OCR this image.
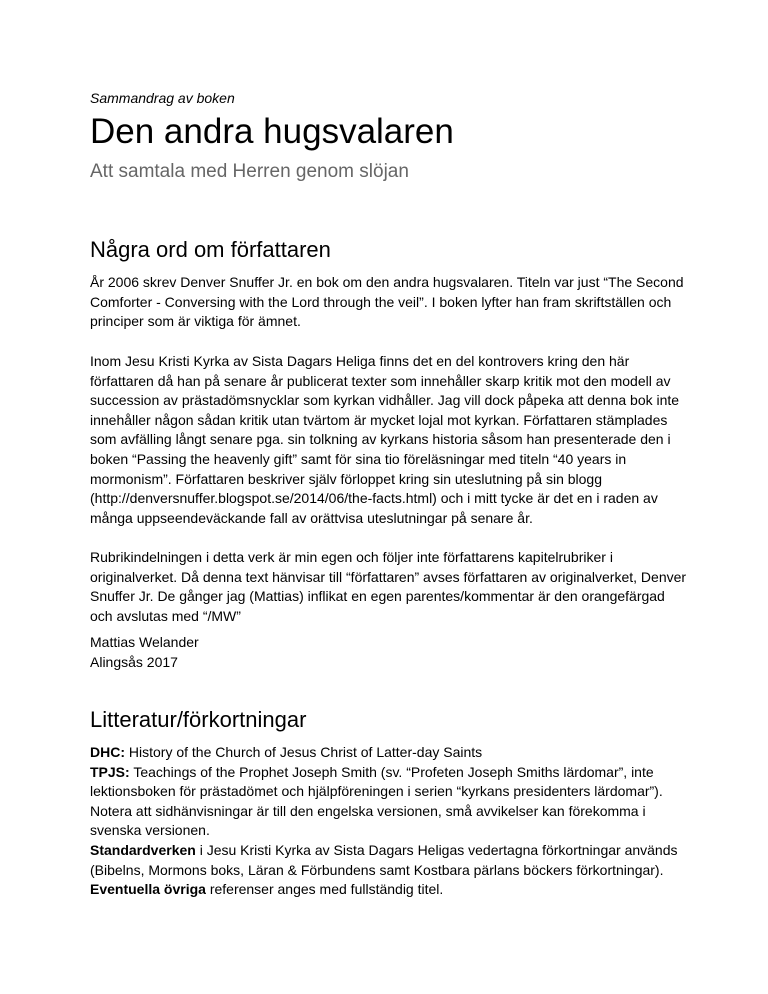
Sammandrag av boken
Den andra hugsvalaren
Att samtala med Herren genom slöjan
Några ord om författaren
År 2006 skrev Denver Snuffer Jr. en bok om den andra hugsvalaren. Titeln var just “The Second
Comforter - Conversing with the Lord through the veil”. I boken lyfter han fram skriftställen och
principer som är viktiga för ämnet.
Inom Jesu Kristi Kyrka av Sista Dagars Heliga finns det en del kontrovers kring den här
författaren då han på senare år publicerat texter som innehåller skarp kritik mot den modell av
succession av prästadömsnycklar som kyrkan vidhåller. Jag vill dock påpeka att denna bok inte
innehåller någon sådan kritik utan tvärtom är mycket lojal mot kyrkan. Författaren stämplades
som avfälling långt senare pga. sin tolkning av kyrkans historia såsom han presenterade den i
boken “Passing the heavenly gift” samt för sina tio föreläsningar med titeln “40 years in
mormonism”. Författaren beskriver själv förloppet kring sin uteslutning på sin blogg
(http://denversnuffer.blogspot.se/2014/06/the-facts.html) och i mitt tycke är det en i raden av
många uppseendeväckande fall av orättvisa uteslutningar på senare år.
Rubrikindelningen i detta verk är min egen och följer inte författarens kapitelrubriker i
originalverket. Då denna text hänvisar till “författaren” avses författaren av originalverket, Denver
Snuffer Jr. De gånger jag (Mattias) inflikat en egen parentes/kommentar är den orangefärgad
och avslutas med “/MW”
Mattias Welander
Alingsås 2017
Litteratur/förkortningar
DHC: History of the Church of Jesus Christ of Latter-day Saints
TPJS: Teachings of the Prophet Joseph Smith (sv. “Profeten Joseph Smiths lärdomar”, inte
lektionsboken för prästadömet och hjälpföreningen i serien “kyrkans presidenters lärdomar”).
Notera att sidhänvisningar är till den engelska versionen, små avvikelser kan förekomma i
svenska versionen.
Standardverken i Jesu Kristi Kyrka av Sista Dagars Heligas vedertagna förkortningar används
(Bibelns, Mormons boks, Läran & Förbundens samt Kostbara pärlans böckers förkortningar).
Eventuella övriga referenser anges med fullständig titel.
